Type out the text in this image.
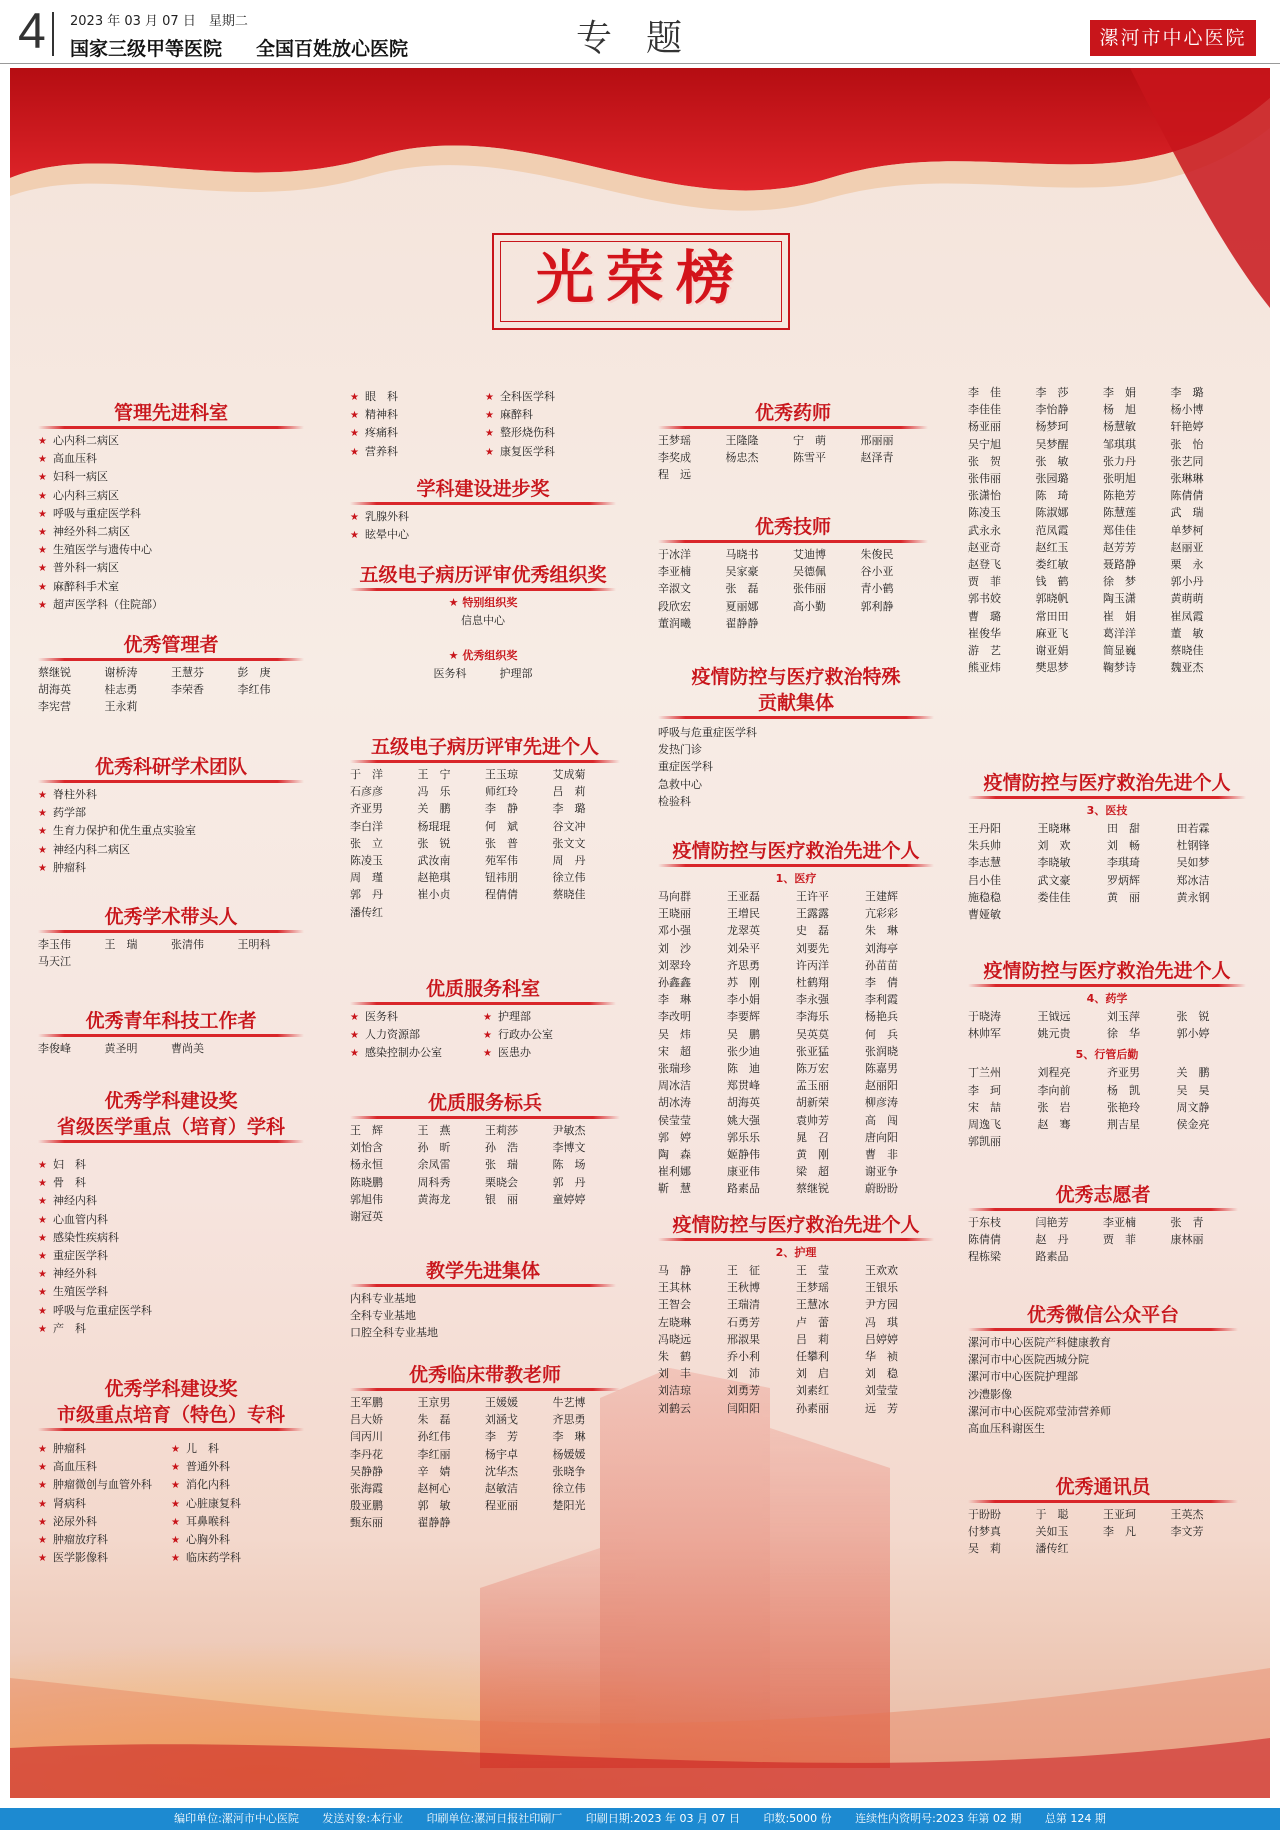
4 2023 年 03 月 07 日　星期二
国家三级甲等医院 全国百姓放心医院	专题	漯河市中心医院
光荣榜
管理先进科室
★ 心内科二病区
★ 高血压科
★ 妇科一病区
★ 心内科三病区
★ 呼吸与重症医学科
★ 神经外科二病区
★ 生殖医学与遗传中心
★ 普外科一病区
★ 麻醉科手术室
★ 超声医学科（住院部）
优秀管理者
蔡继锐	谢桥涛	王慧芬	彭　庚
胡海英	桂志勇	李荣香	李红伟
李宪营	王永莉
优秀科研学术团队
★ 脊柱外科
★ 药学部
★ 生育力保护和优生重点实验室
★ 神经内科二病区
★ 肿瘤科
优秀学术带头人
李玉伟	王　瑞	张清伟	王明科
马天江
优秀青年科技工作者
李俊峰	黄圣明	曹尚美
优秀学科建设奖
省级医学重点（培育）学科
★ 妇　科
★ 骨　科
★ 神经内科
★ 心血管内科
★ 感染性疾病科
★ 重症医学科
★ 神经外科
★ 生殖医学科
★ 呼吸与危重症医学科
★ 产　科
优秀学科建设奖
市级重点培育（特色）专科
★ 肿瘤科	★ 儿　科
★ 高血压科	★ 普通外科
★ 肿瘤微创与血管外科	★ 消化内科
★ 肾病科	★ 心脏康复科
★ 泌尿外科	★ 耳鼻喉科
★ 肿瘤放疗科	★ 心胸外科
★ 医学影像科	★ 临床药学科
★ 眼　科	★ 全科医学科
★ 精神科	★ 麻醉科
★ 疼痛科	★ 整形烧伤科
★ 营养科	★ 康复医学科
学科建设进步奖
★ 乳腺外科
★ 眩晕中心
五级电子病历评审优秀组织奖
★ 特别组织奖
信息中心
★ 优秀组织奖
医务科　　　	护理部
五级电子病历评审先进个人
于　洋	王　宁	王玉琼	艾成菊
石彦彦	冯　乐	师红玲	吕　莉
齐亚男	关　鹏	李　静	李　璐
李白洋	杨琨琨	何　斌	谷文冲
张　立	张　锐	张　普	张文文
陈凌玉	武汝南	苑军伟	周　丹
周　瑾	赵艳琪	钮祎朋	徐立伟
郭　丹	崔小贞	程倩倩	蔡晓佳
潘传红
优质服务科室
★ 医务科	★ 护理部
★ 人力资源部	★ 行政办公室
★ 感染控制办公室	★ 医患办
优质服务标兵
王　辉	王　燕	王莉莎	尹敏杰
刘怡含	孙　昕	孙　浩	李博文
杨永恒	余凤雷	张　瑞	陈　场
陈晓鹏	周科秀	栗晓会	郭　丹
郭旭伟	黄海龙	银　丽	童婷婷
谢冠英
教学先进集体
内科专业基地
全科专业基地
口腔全科专业基地
优秀临床带教老师
王军鹏	王京男	王媛媛	牛艺博
吕大娇	朱　磊	刘涵戈	齐思勇
闫丙川	孙红伟	李　芳	李　琳
李丹花	李红丽	杨宇卓	杨媛媛
吴静静	辛　婧	沈华杰	张晓争
张海霞	赵柯心	赵敏洁	徐立伟
殷亚鹏	郭　敏	程亚丽	楚阳光
甄东丽	翟静静
优秀药师
王梦瑶	王隆隆	宁　萌	邢丽丽
李奖成	杨忠杰	陈雪平	赵泽青
程　远
优秀技师
于冰洋	马晓书	艾迪博	朱俊民
李亚楠	吴家豪	吴德佩	谷小亚
辛淑文	张　磊	张伟丽	青小鹤
段欣宏	夏丽娜	高小勤	郭利静
董润曦	翟静静
疫情防控与医疗救治特殊
贡献集体
呼吸与危重症医学科
发热门诊
重症医学科
急救中心
检验科
疫情防控与医疗救治先进个人
1、医疗
马向群	王亚磊	王许平	王建辉
王晓丽	王增民	王露露	亢彩彩
邓小强	龙翠英	史　磊	朱　琳
刘　沙	刘朵平	刘要先	刘海亭
刘翠玲	齐思勇	许丙洋	孙苗苗
孙鑫鑫	苏　刚	杜鹤翔	李　倩
李　琳	李小娟	李永强	李利霞
李改明	李要辉	李海乐	杨艳兵
吴　炜	吴　鹏	吴英莫	何　兵
宋　超	张少迪	张亚猛	张润晓
张瑞珍	陈　迪	陈万宏	陈嘉男
周冰洁	郑贯峰	孟玉丽	赵丽阳
胡冰涛	胡海英	胡新荣	柳彦涛
侯莹莹	姚大强	袁帅芳	高　闯
郭　婷	郭乐乐	晁　召	唐向阳
陶　森	姬静伟	黄　刚	曹　非
崔利娜	康亚伟	梁　超	谢亚争
靳　慧	路素品	蔡继锐	蔚盼盼
疫情防控与医疗救治先进个人
2、护理
马　静	王　征	王　莹	王欢欢
王其林	王秋博	王梦瑶	王银乐
王智会	王瑞清	王慧冰	尹方园
左晓琳	石勇芳	卢　蕾	冯　琪
冯晓远	邢淑果	吕　莉	吕婷婷
朱　鹤	乔小利	任攀利	华　祯
刘　丰	刘　沛	刘　启	刘　稳
刘洁琼	刘勇芳	刘素红	刘莹莹
刘鹤云	闫阳阳	孙素丽	远　芳
李　佳	李　莎	李　娟	李　璐
李佳佳	李怡静	杨　旭	杨小博
杨亚丽	杨梦珂	杨慧敏	轩艳婷
吴宁旭	吴梦醒	邹琪琪	张　怡
张　贺	张　敏	张力丹	张艺同
张伟丽	张园璐	张明旭	张琳琳
张潇怡	陈　琦	陈艳芳	陈倩倩
陈凌玉	陈淑娜	陈慧莲	武　瑞
武永永	范凤霞	郑佳佳	单梦柯
赵亚奇	赵红玉	赵芳芳	赵丽亚
赵登飞	娄红敏	聂路静	栗　永
贾　菲	钱　鹤	徐　梦	郭小丹
郭书姣	郭晓帆	陶玉潇	黄萌萌
曹　璐	常田田	崔　娟	崔凤霞
崔俊华	麻亚飞	葛洋洋	董　敏
游　艺	谢亚娟	简显巍	蔡晓佳
熊亚炜	樊思梦	鞠梦诗	魏亚杰
疫情防控与医疗救治先进个人
3、医技
王丹阳	王晓琳	田　甜	田若霖
朱兵帅	刘　欢	刘　畅	杜钢锋
李志慧	李晓敏	李琪琦	吴如梦
吕小佳	武文豪	罗炳辉	郑冰洁
施稳稳	娄佳佳	黄　丽	黄永钢
曹娅敏
疫情防控与医疗救治先进个人
4、药学
于晓涛	王钺远	刘玉萍	张　锐
林帅军	姚元贵	徐　华	郭小婷
5、行管后勤
丁兰州	刘程亮	齐亚男	关　鹏
李　珂	李向前	杨　凯	吴　昊
宋　喆	张　岩	张艳玲	周文静
周逸飞	赵　骞	荆吉星	侯金亮
郭凯丽
优秀志愿者
于东枝	闫艳芳	李亚楠	张　青
陈倩倩	赵　丹	贾　菲	康林丽
程栋梁	路素品
优秀微信公众平台
漯河市中心医院产科健康教育
漯河市中心医院西城分院
漯河市中心医院护理部
沙澧影像
漯河市中心医院邓莹沛营养师
高血压科谢医生
优秀通讯员
于盼盼	于　聪	王亚珂	王英杰
付梦真	关如玉	李　凡	李文芳
吴　莉	潘传红
编印单位:漯河市中心医院 发送对象:本行业 印刷单位:漯河日报社印刷厂 印刷日期:2023 年 03 月 07 日 印数:5000 份 连续性内资明号:2023 年第 02 期 总第 124 期
